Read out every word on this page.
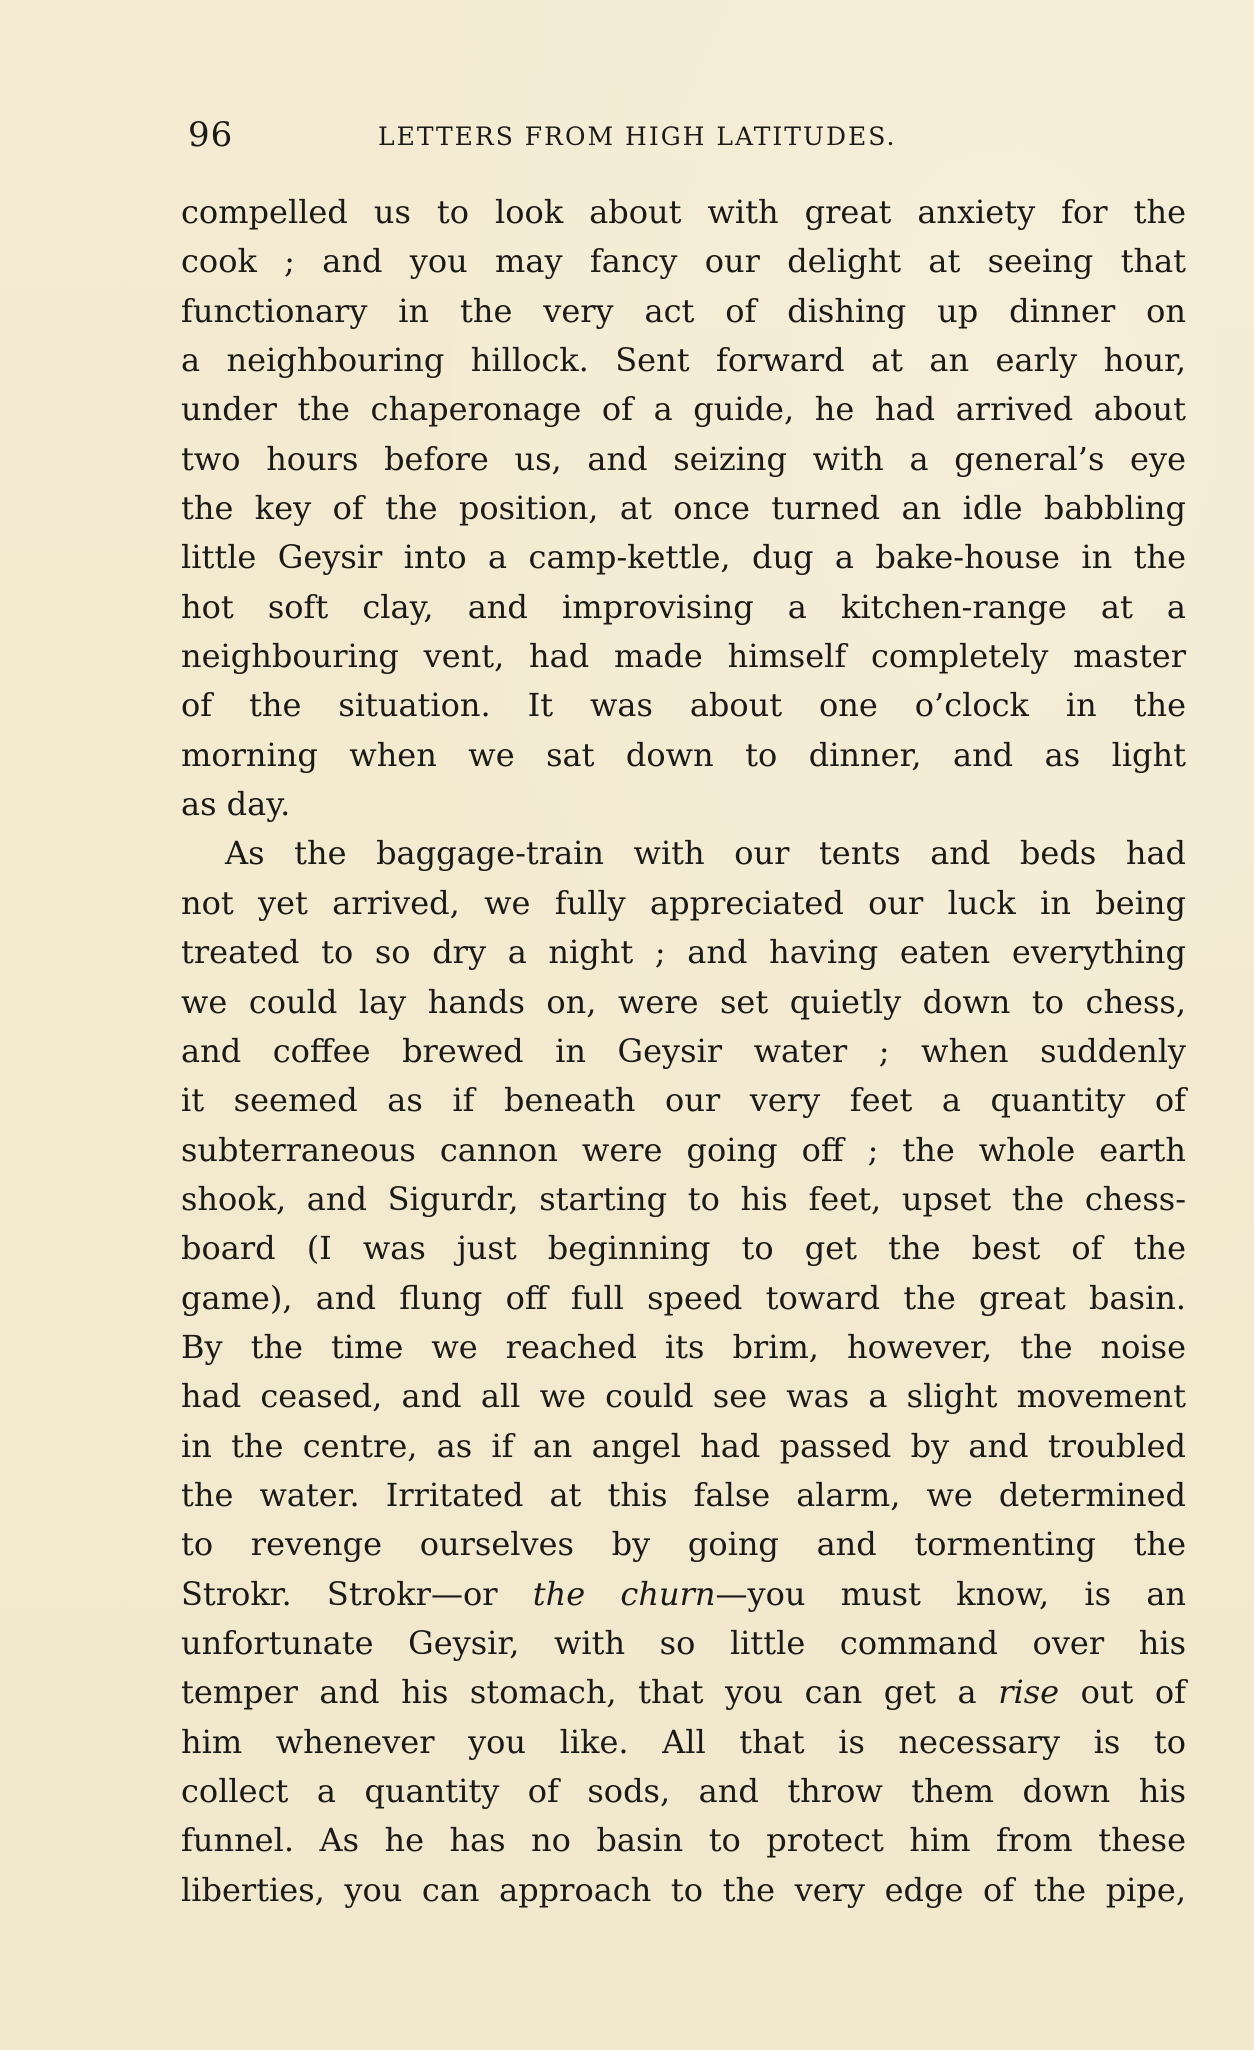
96	LETTERS FROM HIGH LATITUDES.
compelled us to look about with great anxiety for the
cook ; and you may fancy our delight at seeing that
functionary in the very act of dishing up dinner on
a neighbouring hillock. Sent forward at an early hour,
under the chaperonage of a guide, he had arrived about
two hours before us, and seizing with a general’s eye
the key of the position, at once turned an idle babbling
little Geysir into a camp-kettle, dug a bake-house in the
hot soft clay, and improvising a kitchen-range at a
neighbouring vent, had made himself completely master
of the situation. It was about one o’clock in the
morning when we sat down to dinner, and as light
as day.
As the baggage-train with our tents and beds had
not yet arrived, we fully appreciated our luck in being
treated to so dry a night ; and having eaten everything
we could lay hands on, were set quietly down to chess,
and coffee brewed in Geysir water ; when suddenly
it seemed as if beneath our very feet a quantity of
subterraneous cannon were going off ; the whole earth
shook, and Sigurdr, starting to his feet, upset the chess-
board (I was just beginning to get the best of the
game), and flung off full speed toward the great basin.
By the time we reached its brim, however, the noise
had ceased, and all we could see was a slight movement
in the centre, as if an angel had passed by and troubled
the water. Irritated at this false alarm, we determined
to revenge ourselves by going and tormenting the
Strokr. Strokr—or the churn—you must know, is an
unfortunate Geysir, with so little command over his
temper and his stomach, that you can get a rise out of
him whenever you like. All that is necessary is to
collect a quantity of sods, and throw them down his
funnel. As he has no basin to protect him from these
liberties, you can approach to the very edge of the pipe,
